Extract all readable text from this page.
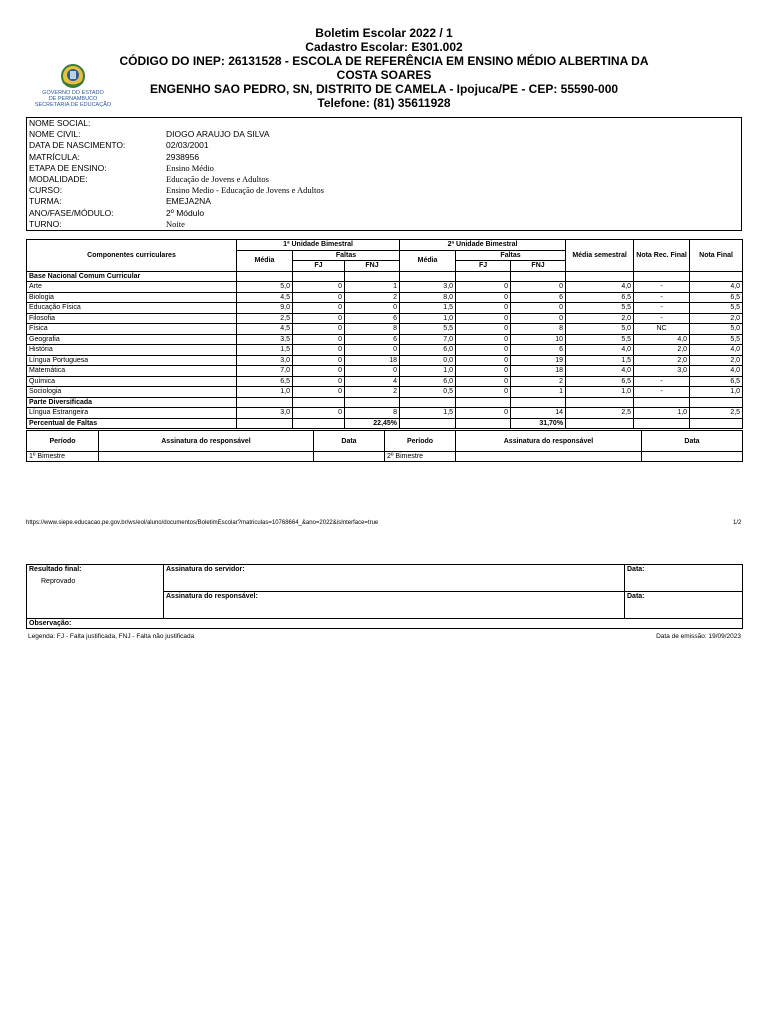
Boletim Escolar 2022 / 1
Cadastro Escolar: E301.002
CÓDIGO DO INEP: 26131528 - ESCOLA DE REFERÊNCIA EM ENSINO MÉDIO ALBERTINA DA
COSTA SOARES
ENGENHO SAO PEDRO, SN, DISTRITO DE CAMELA - Ipojuca/PE - CEP: 55590-000
Telefone: (81) 35611928
GOVERNO DO ESTADO
DE PERNAMBUCO
SECRETARIA DE EDUCAÇÃO
NOME SOCIAL:	
NOME CIVIL:	DIOGO ARAUJO DA SILVA
DATA DE NASCIMENTO:	02/03/2001
MATRÍCULA:	2938956
ETAPA DE ENSINO:	Ensino Médio
MODALIDADE:	Educação de Jovens e Adultos
CURSO:	Ensino Medio - Educação de Jovens e Adultos
TURMA:	EMEJA2NA
ANO/FASE/MÓDULO:	2º Módulo
TURNO:	Noite
Componentes curriculares	1ª Unidade Bimestral			2ª Unidade Bimestral			Média semestral	Nota Rec. Final	Nota Final
	Média	Faltas		Média	Faltas				
		FJ	FNJ		FJ	FNJ			
Base Nacional Comum Curricular									
Arte	5,0	0	1	3,0	0	0	4,0	-	4,0
Biologia	4,5	0	2	8,0	0	6	6,5	-	6,5
Educação Física	9,0	0	0	1,5	0	0	5,5	-	5,5
Filosofia	2,5	0	6	1,0	0	0	2,0	-	2,0
Física	4,5	0	8	5,5	0	8	5,0	NC	5,0
Geografia	3,5	0	6	7,0	0	10	5,5	4,0	5,5
História	1,5	0	0	6,0	0	6	4,0	2,0	4,0
Língua Portuguesa	3,0	0	18	0,0	0	19	1,5	2,0	2,0
Matemática	7,0	0	0	1,0	0	18	4,0	3,0	4,0
Química	6,5	0	4	6,0	0	2	6,5	-	6,5
Sociologia	1,0	0	2	0,5	0	1	1,0	-	1,0
Parte Diversificada									
Língua Estrangeira	3,0	0	8	1,5	0	14	2,5	1,0	2,5
Percentual de Faltas			22,45%			31,70%			
Período	Assinatura do responsável	Data	Período	Assinatura do responsável	Data
1º Bimestre			2º Bimestre		
https://www.siepe.educacao.pe.gov.br/ws/eol/aluno/documentos/BoletimEscolar?matriculas=10768664_&ano=2022&isInterface=true	1/2
Resultado final:
Reprovado	Assinatura do servidor:	Data:
	Assinatura do responsável:	Data:
Observação:		
Legenda: FJ - Falta justificada, FNJ - Falta não justificada	Data de emissão: 19/09/2023
